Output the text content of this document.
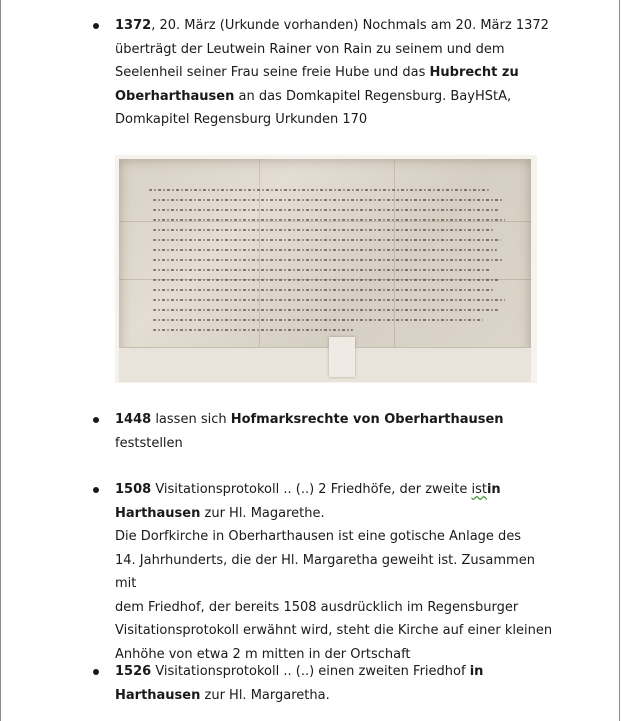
1372, 20. März (Urkunde vorhanden) Nochmals am 20. März 1372
überträgt der Leutwein Rainer von Rain zu seinem und dem
Seelenheil seiner Frau seine freie Hube und das Hubrecht zu
Oberharthausen an das Domkapitel Regensburg. BayHStA,
Domkapitel Regensburg Urkunden 170
1448 lassen sich Hofmarksrechte von Oberharthausen
feststellen
1508 Visitationsprotokoll .. (..) 2 Friedhöfe, der zweite istin
Harthausen zur Hl. Magarethe.
Die Dorfkirche in Oberharthausen ist eine gotische Anlage des
14. Jahrhunderts, die der Hl. Margaretha geweiht ist. Zusammen mit
dem Friedhof, der bereits 1508 ausdrücklich im Regensburger
Visitationsprotokoll erwähnt wird, steht die Kirche auf einer kleinen
Anhöhe von etwa 2 m mitten in der Ortschaft
1526 Visitationsprotokoll .. (..) einen zweiten Friedhof in
Harthausen zur Hl. Margaretha.
